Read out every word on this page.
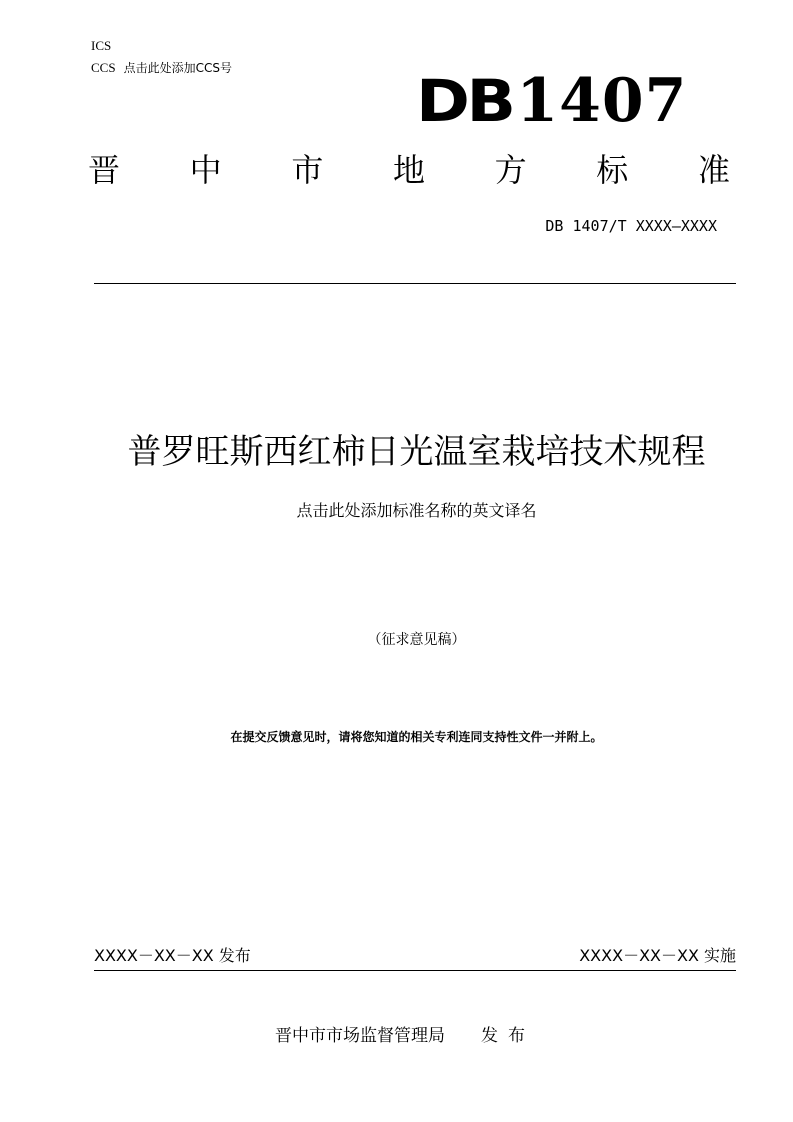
ICS
CCS 点击此处添加CCS号	DB 1407
晋 中 市 地 方 标 准
DB 1407/T XXXX—XXXX
普罗旺斯西红柿日光温室栽培技术规程
点击此处添加标准名称的英文译名
（征求意见稿）
在提交反馈意见时，请将您知道的相关专利连同支持性文件一并附上。
XXXX－XX－XX 发布	XXXX－XX－XX 实施
晋中市市场监督管理局 发布
